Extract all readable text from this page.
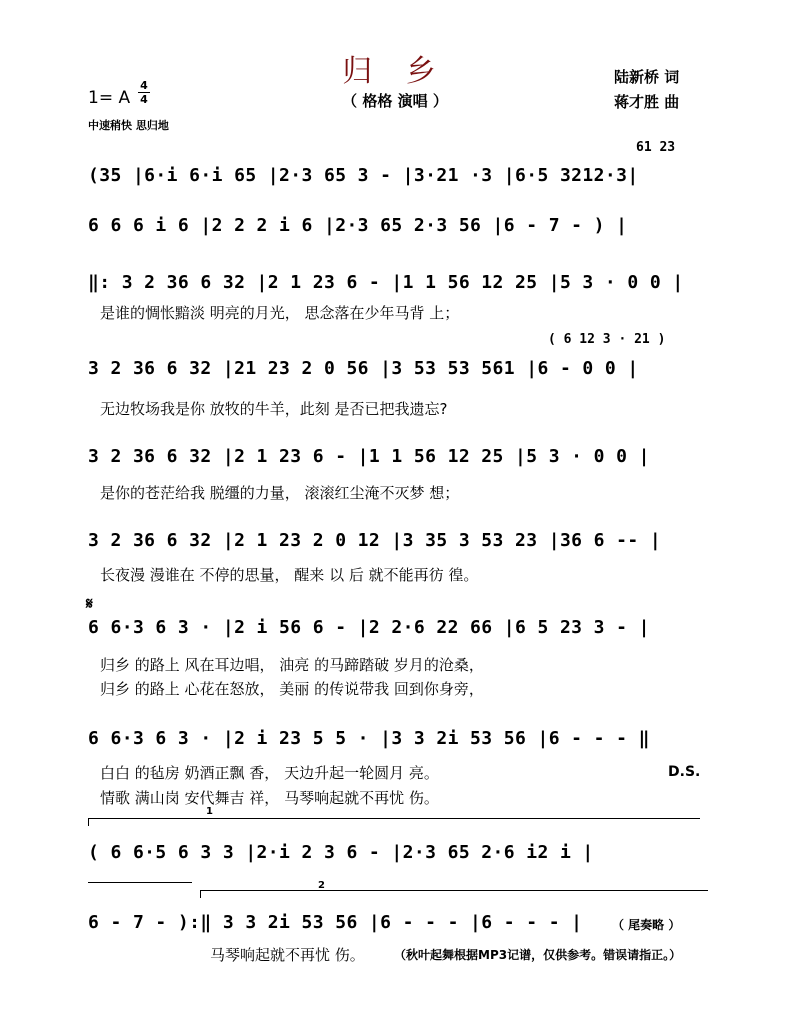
归 乡
（ 格格 演唱 ）
陆新桥 词
蒋才胜 曲
1= A
4
4
中速稍快 思归地
61 23
(35 |6·i 6·i 65 |2·3 65 3 - |3·21 ·3 |6·5 3212·3|
6 6 6 i 6 |2 2 2 i 6 |2·3 65 2·3 56 |6 - 7 - ) |
‖: 3 2 36 6 32 |2 1 23 6 - |1 1 56 12 25 |5 3 · 0 0 |
是谁的惆怅黯淡 明亮的月光， 思念落在少年马背 上；
( 6 12 3 · 21 )
3 2 36 6 32 |21 23 2 0 56 |3 53 53 561 |6 - 0 0 |
无边牧场我是你 放牧的牛羊，此刻 是否已把我遗忘?
3 2 36 6 32 |2 1 23 6 - |1 1 56 12 25 |5 3 · 0 0 |
是你的苍茫给我 脱缰的力量， 滚滚红尘淹不灭梦 想；
3 2 36 6 32 |2 1 23 2 0 12 |3 35 3 53 23 |36 6 -- |
长夜漫 漫谁在 不停的思量， 醒来 以 后 就不能再彷 徨。
𝄋
6 6·3 6 3 · |2 i 56 6 - |2 2·6 22 66 |6 5 23 3 - |
归乡 的路上 风在耳边唱， 油亮 的马蹄踏破 岁月的沧桑，
归乡 的路上 心花在怒放， 美丽 的传说带我 回到你身旁，
6 6·3 6 3 · |2 i 23 5 5 · |3 3 2i 53 56 |6 - - - ‖
白白 的毡房 奶酒正飘 香， 天边升起一轮圆月 亮。	D.S.
情歌 满山岗 安代舞吉 祥， 马琴响起就不再忧 伤。
1
( 6 6·5 6 3 3 |2·i 2 3 6 - |2·3 65 2·6 i2 i |
2
6 - 7 - ):‖ 3 3 2i 53 56 |6 - - - |6 - - - |	（ 尾奏略 ）
马琴响起就不再忧 伤。 （秋叶起舞根据MP3记谱，仅供参考。错误请指正。）
